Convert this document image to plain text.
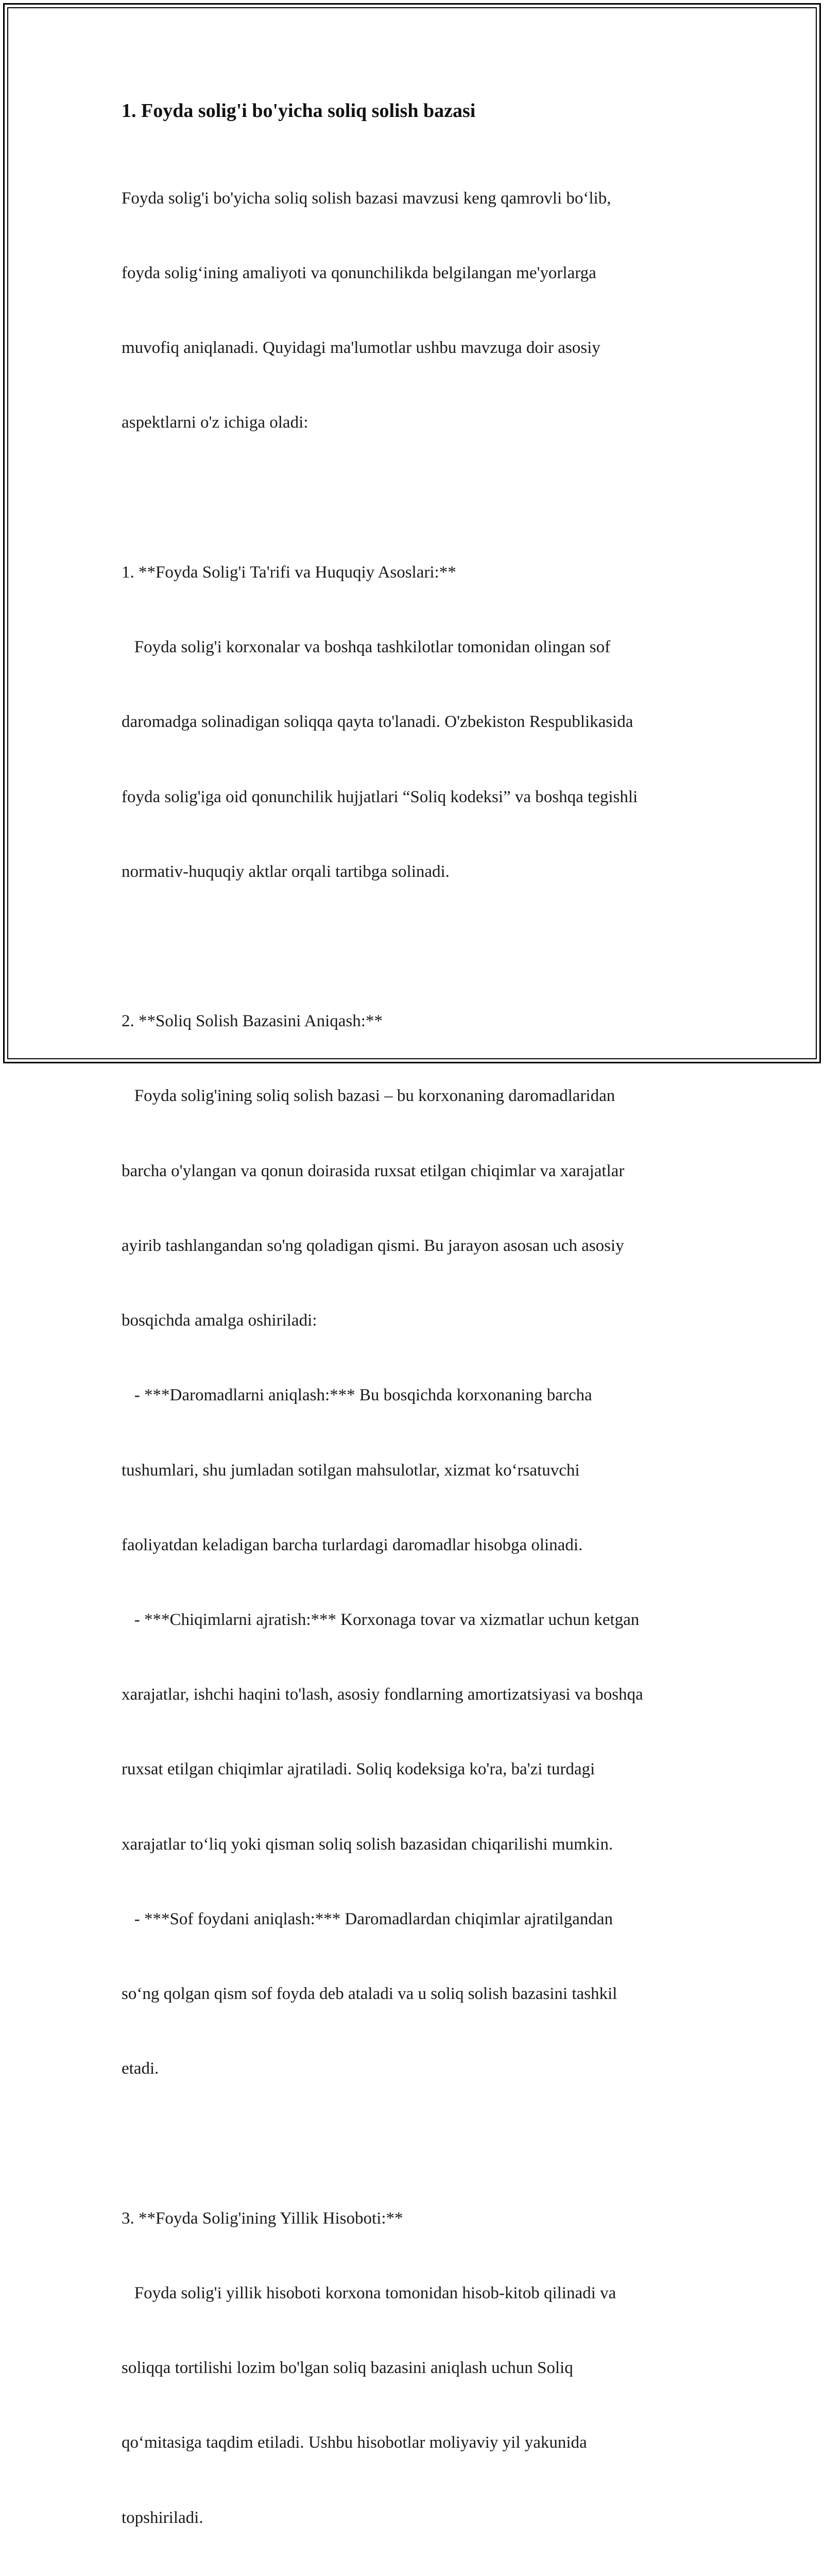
1. Foyda solig'i bo'yicha soliq solish bazasi

Foyda solig'i bo'yicha soliq solish bazasi mavzusi keng qamrovli bo‘lib,

foyda solig‘ining amaliyoti va qonunchilikda belgilangan me'yorlarga

muvofiq aniqlanadi. Quyidagi ma'lumotlar ushbu mavzuga doir asosiy

aspektlarni o'z ichiga oladi:

1. **Foyda Solig'i Ta'rifi va Huquqiy Asoslari:**

Foyda solig'i korxonalar va boshqa tashkilotlar tomonidan olingan sof

daromadga solinadigan soliqqa qayta to'lanadi. O'zbekiston Respublikasida

foyda solig'iga oid qonunchilik hujjatlari “Soliq kodeksi” va boshqa tegishli

normativ-huquqiy aktlar orqali tartibga solinadi.

2. **Soliq Solish Bazasini Aniqash:**

Foyda solig'ining soliq solish bazasi – bu korxonaning daromadlaridan

barcha o'ylangan va qonun doirasida ruxsat etilgan chiqimlar va xarajatlar

ayirib tashlangandan so'ng qoladigan qismi. Bu jarayon asosan uch asosiy

bosqichda amalga oshiriladi:

- ***Daromadlarni aniqlash:*** Bu bosqichda korxonaning barcha

tushumlari, shu jumladan sotilgan mahsulotlar, xizmat ko‘rsatuvchi

faoliyatdan keladigan barcha turlardagi daromadlar hisobga olinadi.

- ***Chiqimlarni ajratish:*** Korxonaga tovar va xizmatlar uchun ketgan

xarajatlar, ishchi haqini to'lash, asosiy fondlarning amortizatsiyasi va boshqa

ruxsat etilgan chiqimlar ajratiladi. Soliq kodeksiga ko'ra, ba'zi turdagi

xarajatlar to‘liq yoki qisman soliq solish bazasidan chiqarilishi mumkin.

- ***Sof foydani aniqlash:*** Daromadlardan chiqimlar ajratilgandan

so‘ng qolgan qism sof foyda deb ataladi va u soliq solish bazasini tashkil

etadi.

3. **Foyda Solig'ining Yillik Hisoboti:**

Foyda solig'i yillik hisoboti korxona tomonidan hisob-kitob qilinadi va

soliqqa tortilishi lozim bo'lgan soliq bazasini aniqlash uchun Soliq

qo‘mitasiga taqdim etiladi. Ushbu hisobotlar moliyaviy yil yakunida

topshiriladi.
